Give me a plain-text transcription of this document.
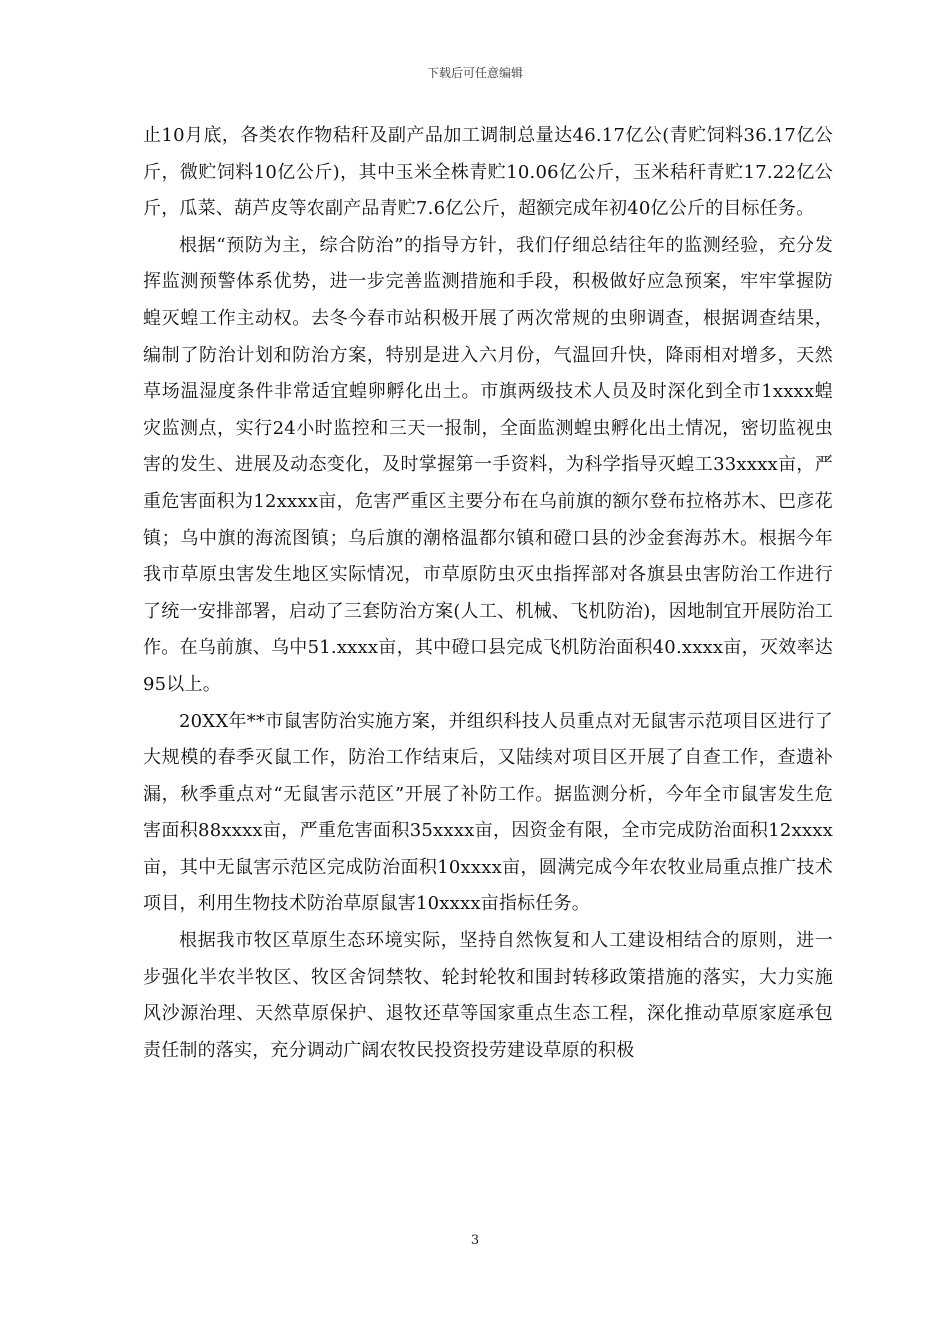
下载后可任意编辑

止10月底，各类农作物秸秆及副产品加工调制总量达46.17亿公(青贮饲料36.17亿公斤，微贮饲料10亿公斤)，其中玉米全株青贮10.06亿公斤，玉米秸秆青贮17.22亿公斤，瓜菜、葫芦皮等农副产品青贮7.6亿公斤，超额完成年初40亿公斤的目标任务。

根据“预防为主，综合防治”的指导方针，我们仔细总结往年的监测经验，充分发挥监测预警体系优势，进一步完善监测措施和手段，积极做好应急预案，牢牢掌握防蝗灭蝗工作主动权。去冬今春市站积极开展了两次常规的虫卵调查，根据调查结果，编制了防治计划和防治方案，特别是进入六月份，气温回升快，降雨相对增多，天然草场温湿度条件非常适宜蝗卵孵化出土。市旗两级技术人员及时深化到全市1xxxx蝗灾监测点，实行24小时监控和三天一报制，全面监测蝗虫孵化出土情况，密切监视虫害的发生、进展及动态变化，及时掌握第一手资料，为科学指导灭蝗工33xxxx亩，严重危害面积为12xxxx亩，危害严重区主要分布在乌前旗的额尔登布拉格苏木、巴彦花镇；乌中旗的海流图镇；乌后旗的潮格温都尔镇和磴口县的沙金套海苏木。根据今年我市草原虫害发生地区实际情况，市草原防虫灭虫指挥部对各旗县虫害防治工作进行了统一安排部署，启动了三套防治方案(人工、机械、飞机防治)，因地制宜开展防治工作。在乌前旗、乌中51.xxxx亩，其中磴口县完成飞机防治面积40.xxxx亩，灭效率达95以上。

20XX年**市鼠害防治实施方案，并组织科技人员重点对无鼠害示范项目区进行了大规模的春季灭鼠工作，防治工作结束后，又陆续对项目区开展了自查工作，查遗补漏，秋季重点对“无鼠害示范区”开展了补防工作。据监测分析，今年全市鼠害发生危害面积88xxxx亩，严重危害面积35xxxx亩，因资金有限，全市完成防治面积12xxxx亩，其中无鼠害示范区完成防治面积10xxxx亩，圆满完成今年农牧业局重点推广技术项目，利用生物技术防治草原鼠害10xxxx亩指标任务。

根据我市牧区草原生态环境实际，坚持自然恢复和人工建设相结合的原则，进一步强化半农半牧区、牧区舍饲禁牧、轮封轮牧和围封转移政策措施的落实，大力实施风沙源治理、天然草原保护、退牧还草等国家重点生态工程，深化推动草原家庭承包责任制的落实，充分调动广阔农牧民投资投劳建设草原的积极

3
